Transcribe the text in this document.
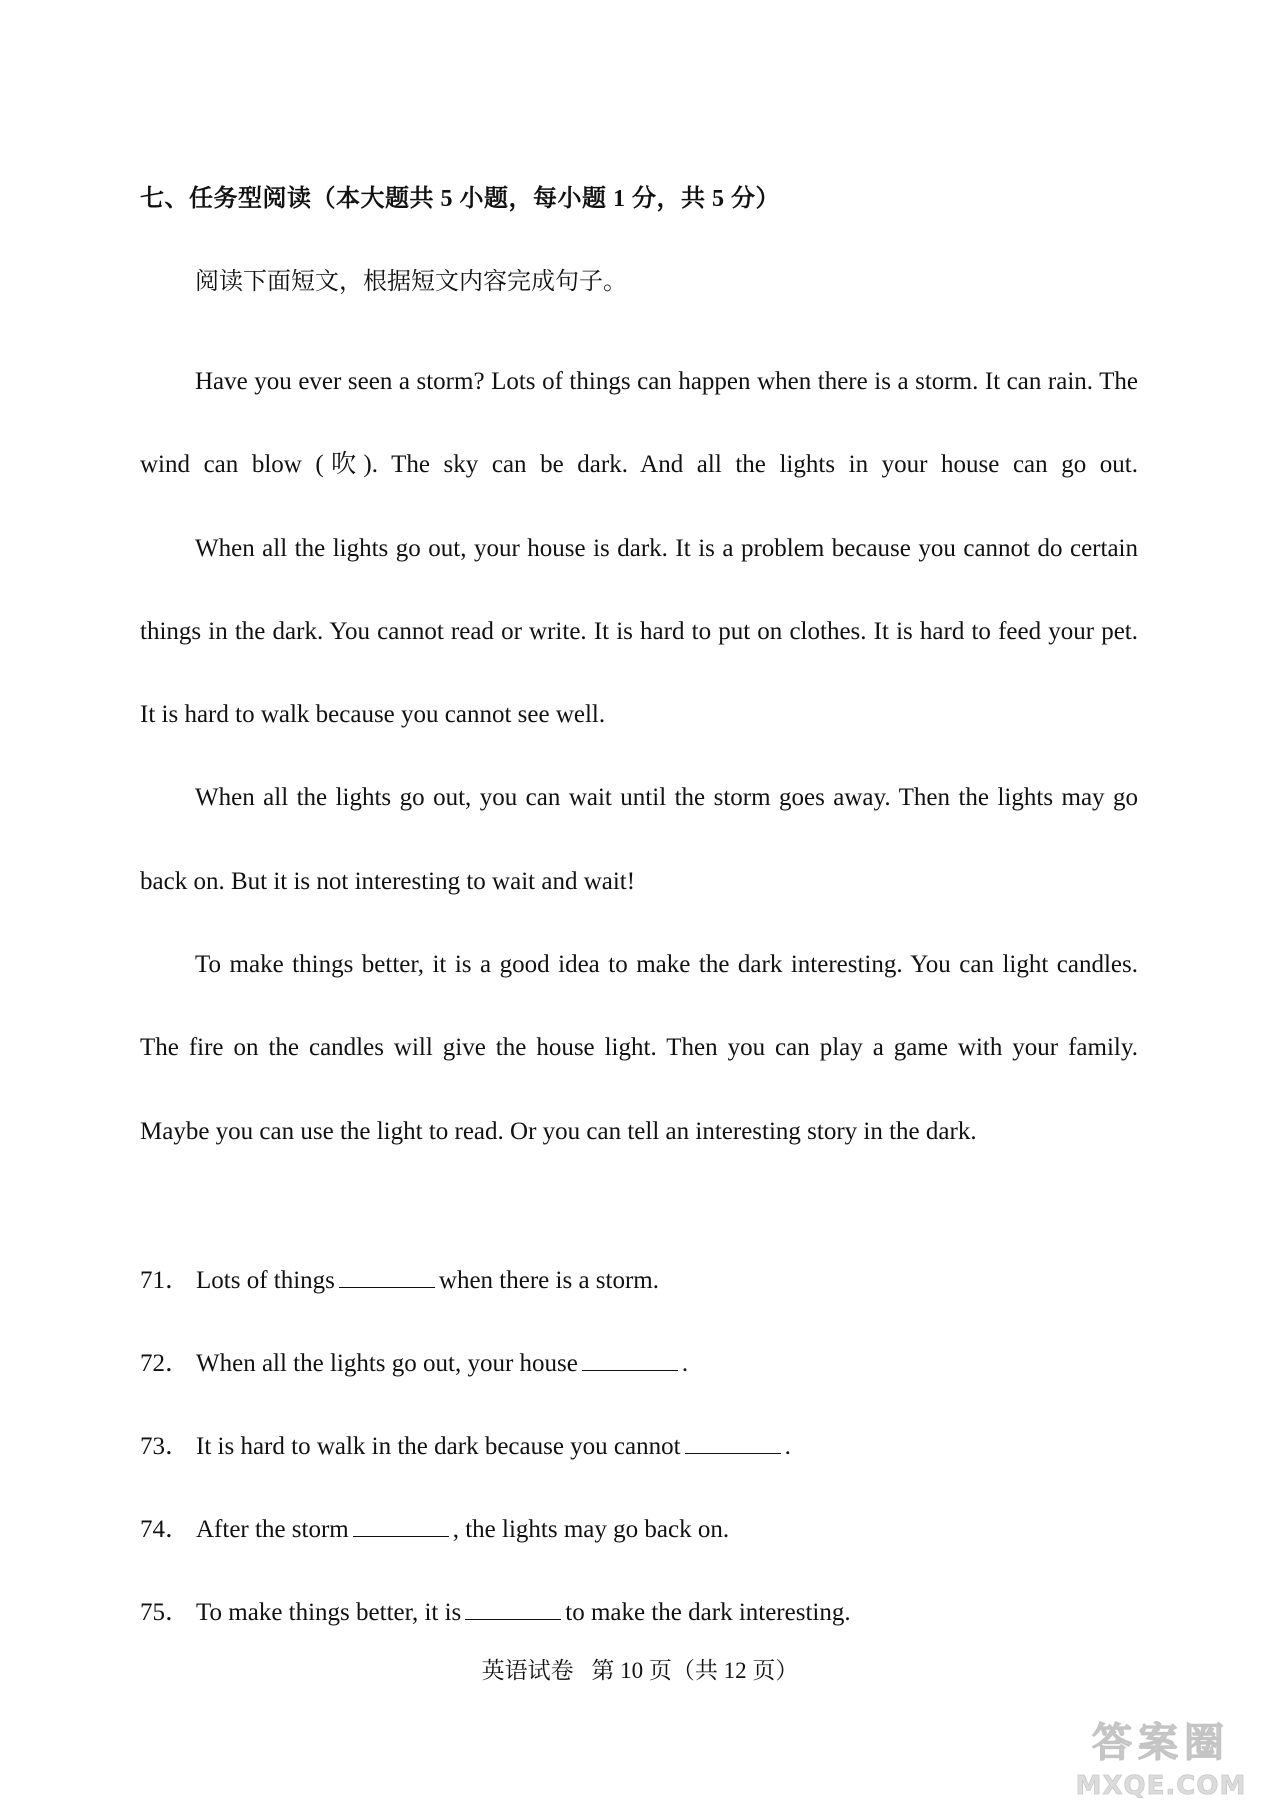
七、任务型阅读（本大题共 5 小题，每小题 1 分，共 5 分）
阅读下面短文，根据短文内容完成句子。

Have you ever seen a storm? Lots of things can happen when there is a storm. It can rain. The wind can blow (吹). The sky can be dark. And all the lights in your house can go out.

When all the lights go out, your house is dark. It is a problem because you cannot do certain things in the dark. You cannot read or write. It is hard to put on clothes. It is hard to feed your pet. It is hard to walk because you cannot see well.

When all the lights go out, you can wait until the storm goes away. Then the lights may go back on. But it is not interesting to wait and wait!

To make things better, it is a good idea to make the dark interesting. You can light candles. The fire on the candles will give the house light. Then you can play a game with your family. Maybe you can use the light to read. Or you can tell an interesting story in the dark.

71． Lots of things	when there is a storm.
72． When all the lights go out, your house	.
73． It is hard to walk in the dark because you cannot	.
74． After the storm	, the lights may go back on.
75． To make things better, it is	to make the dark interesting.
英语试卷 第 10 页（共 12 页）
答案圈
MXQE.COM
